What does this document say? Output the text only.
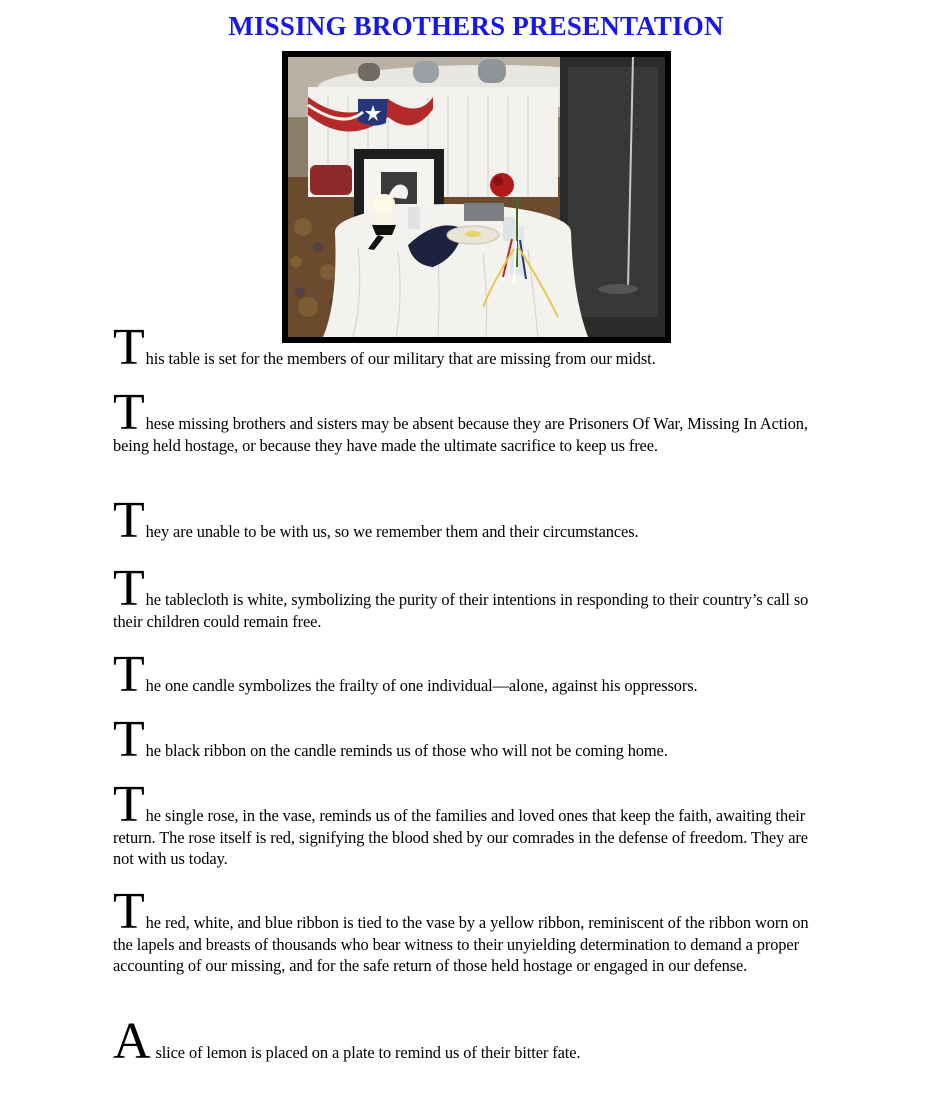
MISSING BROTHERS PRESENTATION

This table is set for the members of our military that are missing from our midst.

These missing brothers and sisters may be absent because they are Prisoners Of War, Missing In Action, being held hostage, or because they have made the ultimate sacrifice to keep us free.

They are unable to be with us, so we remember them and their circumstances.

The tablecloth is white, symbolizing the purity of their intentions in responding to their country’s call so their children could remain free.

The one candle symbolizes the frailty of one individual—alone, against his oppressors.

The black ribbon on the candle reminds us of those who will not be coming home.

The single rose, in the vase, reminds us of the families and loved ones that keep the faith, awaiting their return. The rose itself is red, signifying the blood shed by our comrades in the defense of freedom. They are not with us today.

The red, white, and blue ribbon is tied to the vase by a yellow ribbon, reminiscent of the ribbon worn on the lapels and breasts of thousands who bear witness to their unyielding determination to demand a proper accounting of our missing, and for the safe return of those held hostage or engaged in our defense.

A slice of lemon is placed on a plate to remind us of their bitter fate.
